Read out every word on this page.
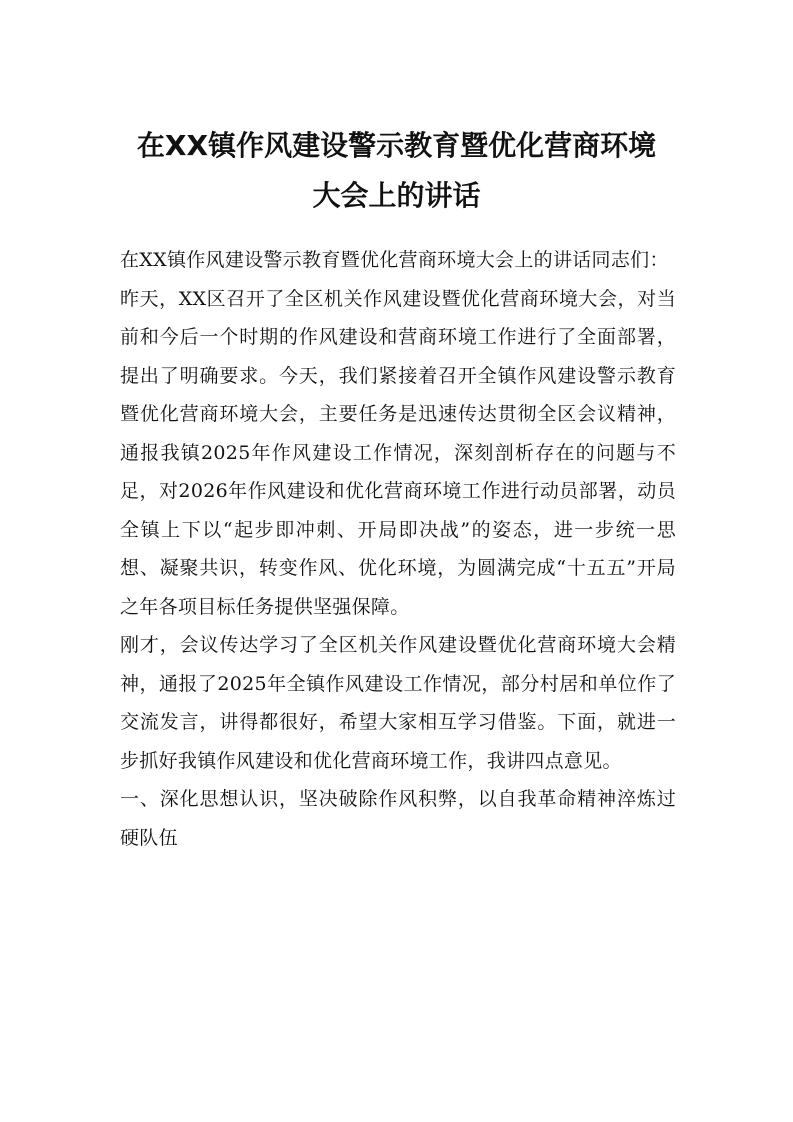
在XX镇作风建设警示教育暨优化营商环境
大会上的讲话

在XX镇作风建设警示教育暨优化营商环境大会上的讲话同志们：

昨天，XX区召开了全区机关作风建设暨优化营商环境大会，对当前和今后一个时期的作风建设和营商环境工作进行了全面部署，提出了明确要求。今天，我们紧接着召开全镇作风建设警示教育暨优化营商环境大会，主要任务是迅速传达贯彻全区会议精神，通报我镇2025年作风建设工作情况，深刻剖析存在的问题与不足，对2026年作风建设和优化营商环境工作进行动员部署，动员全镇上下以“起步即冲刺、开局即决战”的姿态，进一步统一思想、凝聚共识，转变作风、优化环境，为圆满完成“十五五”开局之年各项目标任务提供坚强保障。

刚才，会议传达学习了全区机关作风建设暨优化营商环境大会精神，通报了2025年全镇作风建设工作情况，部分村居和单位作了交流发言，讲得都很好，希望大家相互学习借鉴。下面，就进一步抓好我镇作风建设和优化营商环境工作，我讲四点意见。

一、深化思想认识，坚决破除作风积弊，以自我革命精神淬炼过硬队伍
